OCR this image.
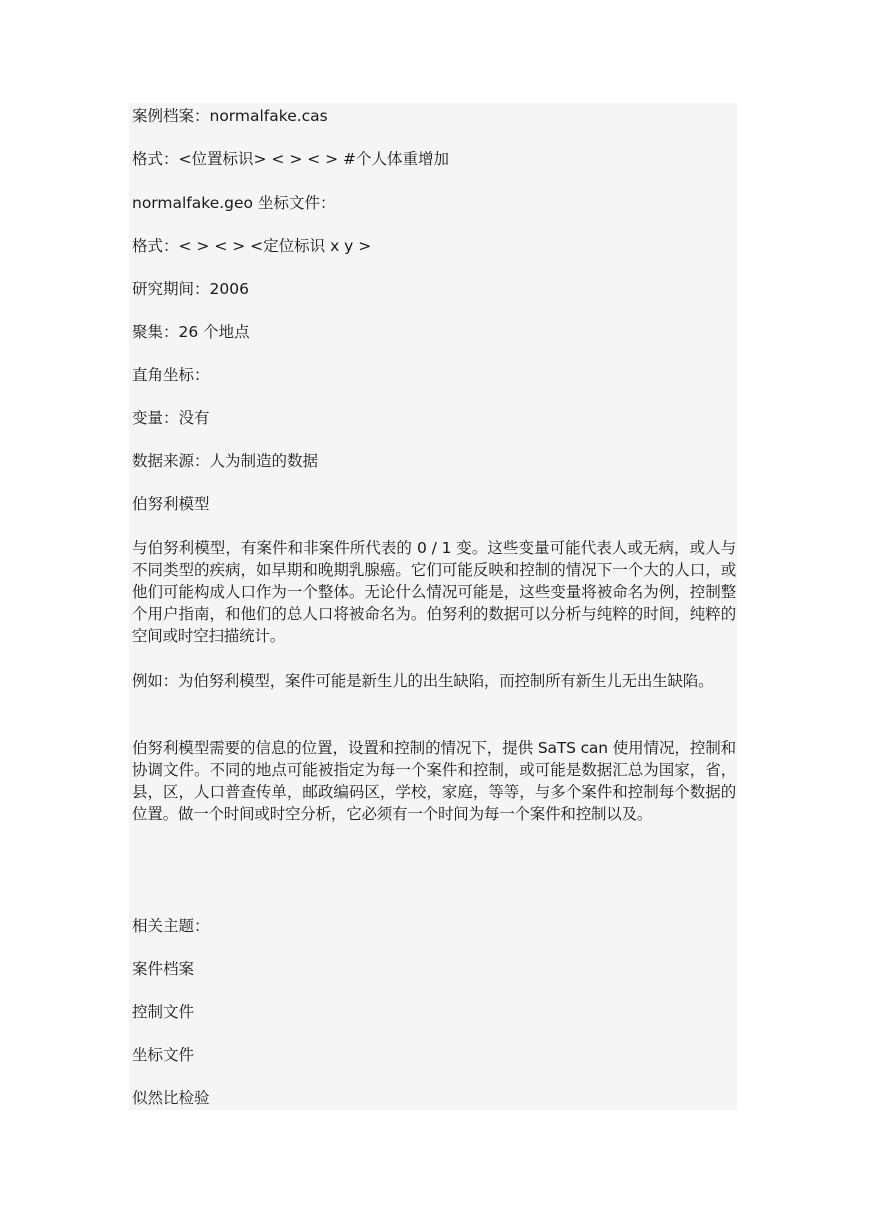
案例档案：normalfake.cas

格式：<位置标识> < > < > #个人体重增加

normalfake.geo 坐标文件：

格式：< > < > <定位标识 x y >

研究期间：2006

聚集：26 个地点

直角坐标：

变量：没有

数据来源：人为制造的数据

伯努利模型

与伯努利模型，有案件和非案件所代表的 0 / 1 变。这些变量可能代表人或无病，或人与不同类型的疾病，如早期和晚期乳腺癌。它们可能反映和控制的情况下一个大的人口，或他们可能构成人口作为一个整体。无论什么情况可能是，这些变量将被命名为例，控制整个用户指南，和他们的总人口将被命名为。伯努利的数据可以分析与纯粹的时间，纯粹的空间或时空扫描统计。

例如：为伯努利模型，案件可能是新生儿的出生缺陷，而控制所有新生儿无出生缺陷。

伯努利模型需要的信息的位置，设置和控制的情况下，提供 SaTS can 使用情况，控制和协调文件。不同的地点可能被指定为每一个案件和控制，或可能是数据汇总为国家，省，县，区，人口普查传单，邮政编码区，学校，家庭，等等，与多个案件和控制每个数据的位置。做一个时间或时空分析，它必须有一个时间为每一个案件和控制以及。

相关主题：

案件档案

控制文件

坐标文件

似然比检验
